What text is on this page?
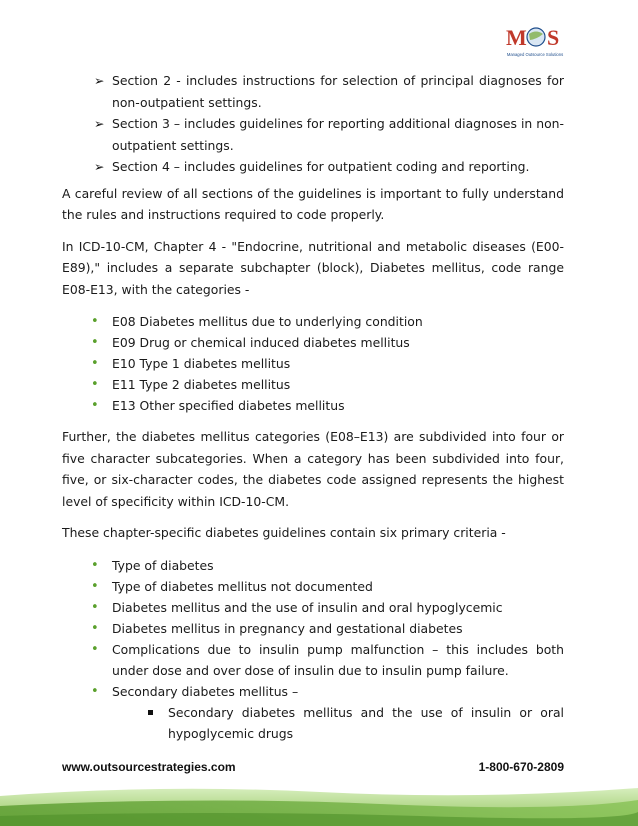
M S
Managed Outsource Solutions
➢ Section 2 - includes instructions for selection of principal diagnoses for non-outpatient settings.
➢ Section 3 – includes guidelines for reporting additional diagnoses in non-outpatient settings.
➢ Section 4 – includes guidelines for outpatient coding and reporting.

A careful review of all sections of the guidelines is important to fully understand the rules and instructions required to code properly.

In ICD-10-CM, Chapter 4 - "Endocrine, nutritional and metabolic diseases (E00-E89)," includes a separate subchapter (block), Diabetes mellitus, code range E08-E13, with the categories -

• E08 Diabetes mellitus due to underlying condition
• E09 Drug or chemical induced diabetes mellitus
• E10 Type 1 diabetes mellitus
• E11 Type 2 diabetes mellitus
• E13 Other specified diabetes mellitus

Further, the diabetes mellitus categories (E08–E13) are subdivided into four or five character subcategories. When a category has been subdivided into four, five, or six-character codes, the diabetes code assigned represents the highest level of specificity within ICD-10-CM.

These chapter-specific diabetes guidelines contain six primary criteria -

• Type of diabetes
• Type of diabetes mellitus not documented
• Diabetes mellitus and the use of insulin and oral hypoglycemic
• Diabetes mellitus in pregnancy and gestational diabetes
• Complications due to insulin pump malfunction – this includes both under dose and over dose of insulin due to insulin pump failure.
• Secondary diabetes mellitus –
Secondary diabetes mellitus and the use of insulin or oral hypoglycemic drugs
www.outsourcestrategies.com	1-800-670-2809
